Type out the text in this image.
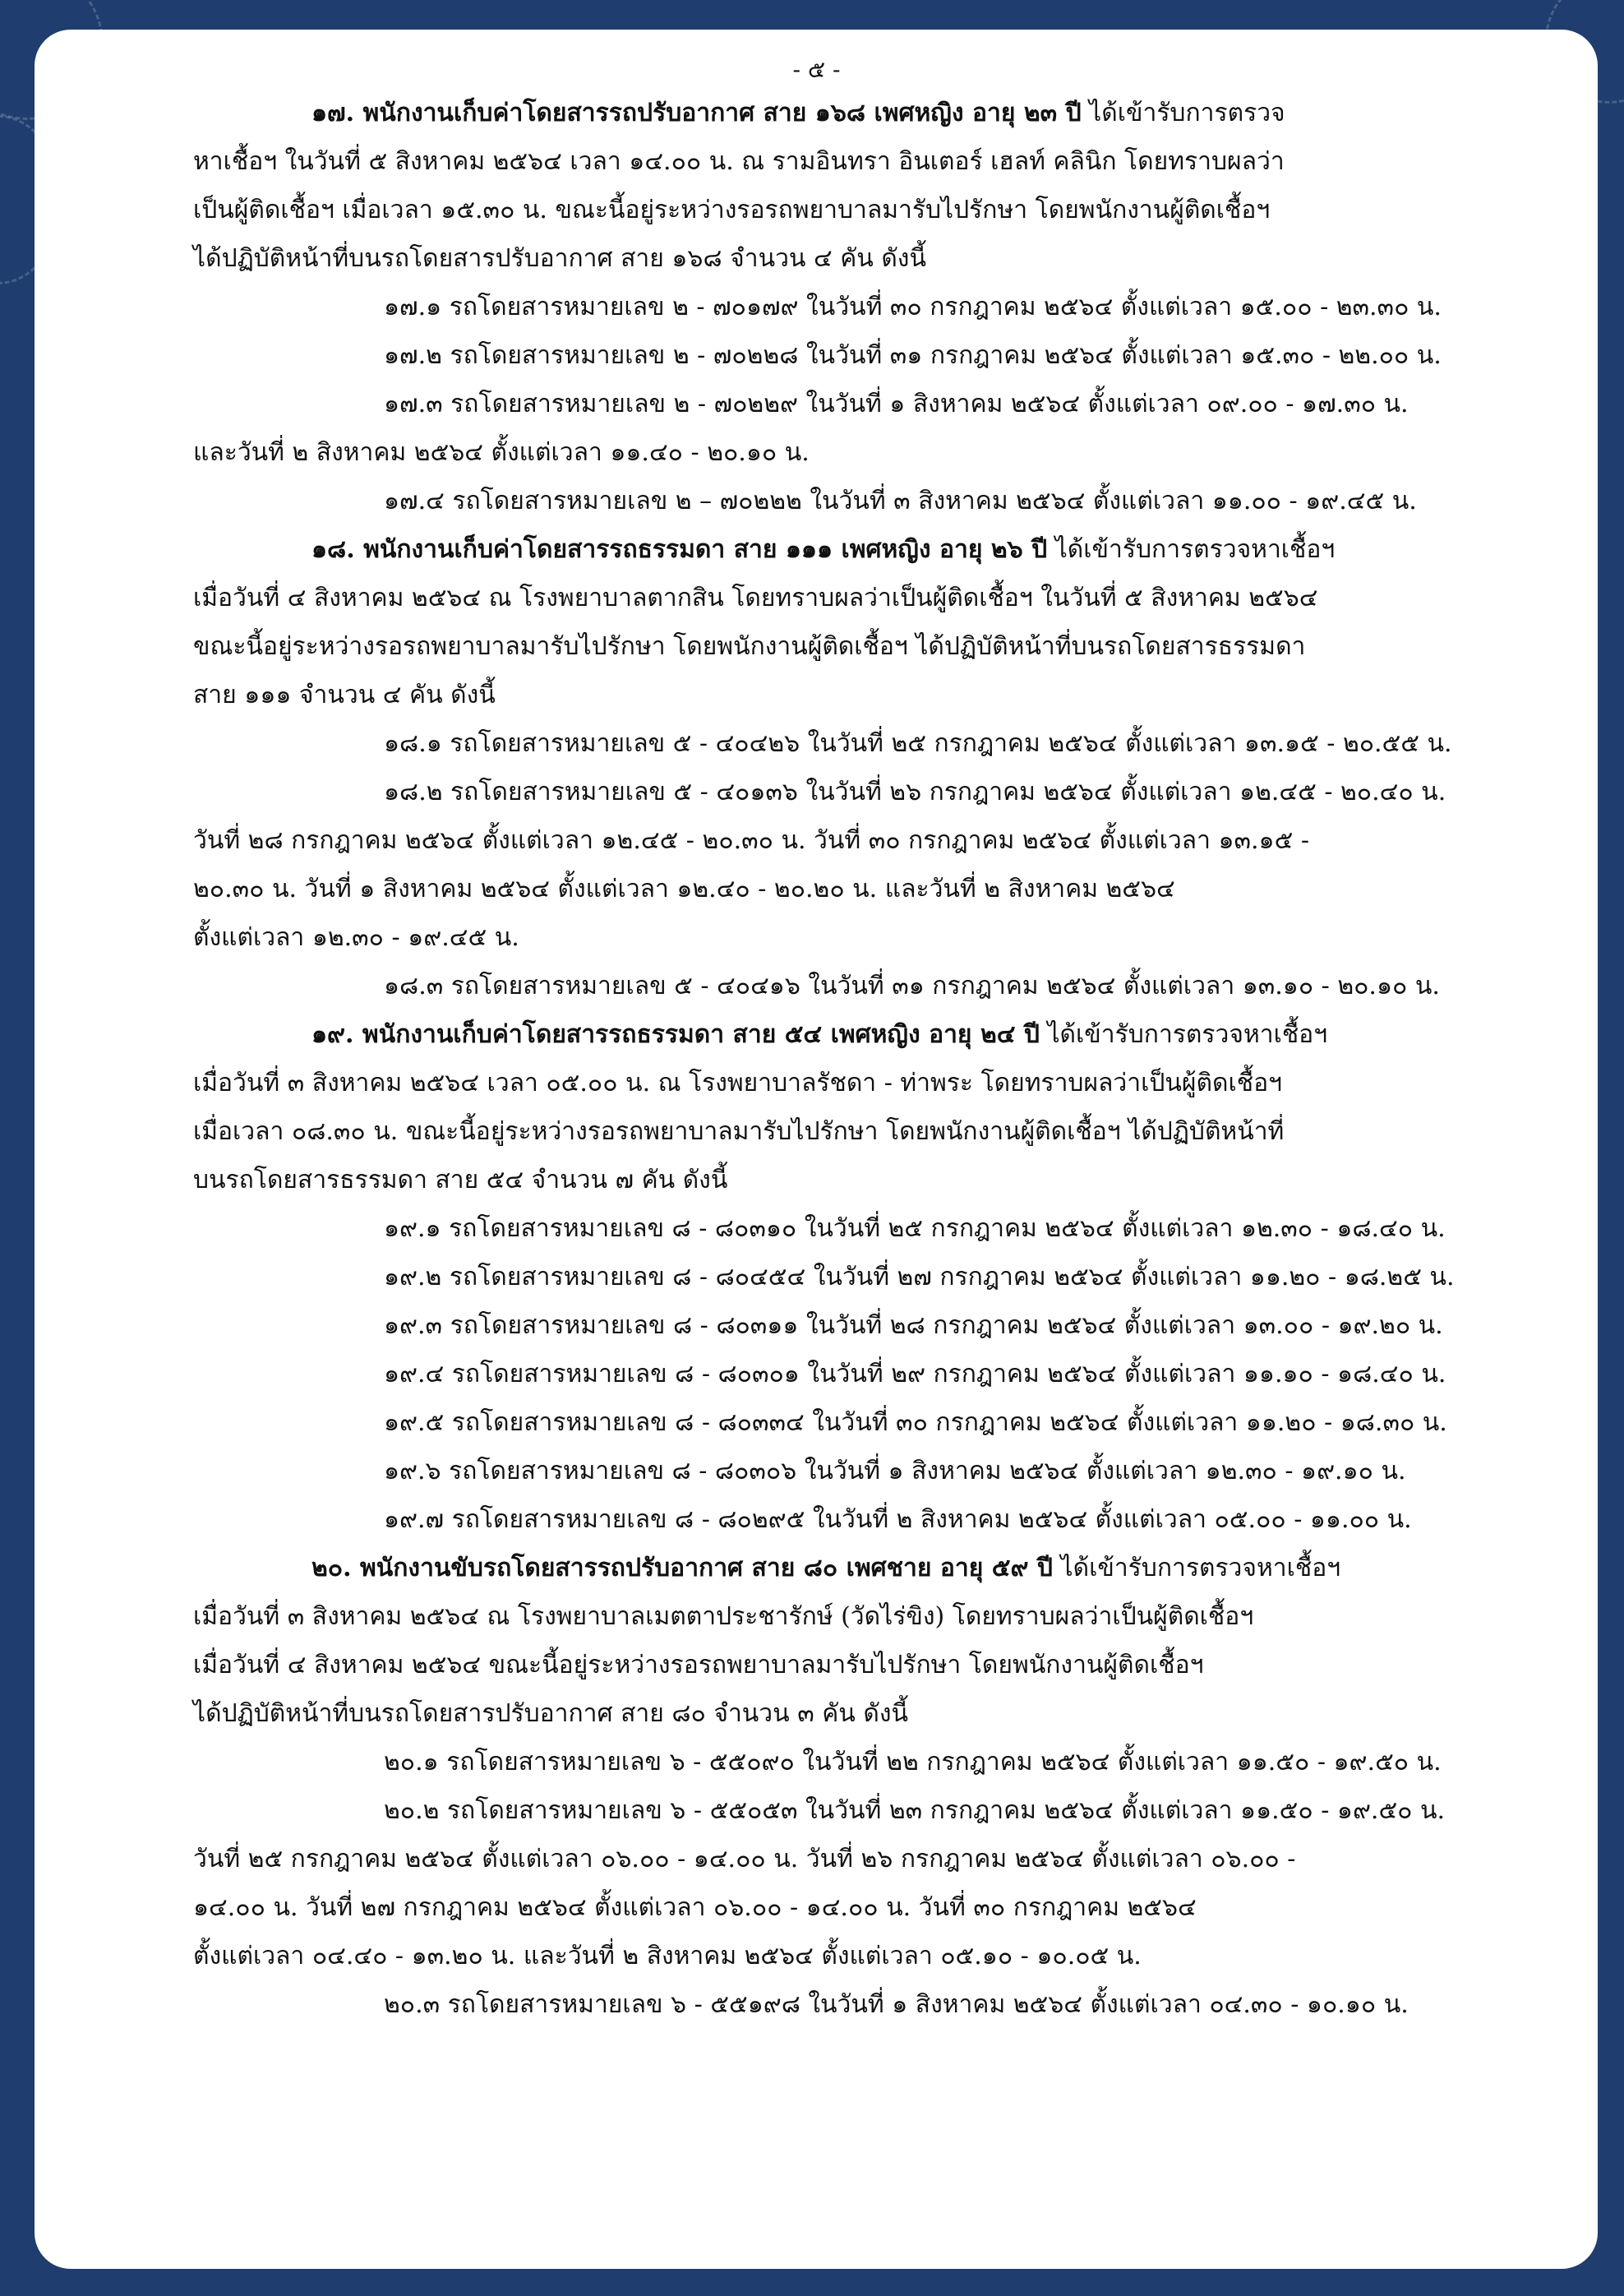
- ๕ -
๑๗. พนักงานเก็บค่าโดยสารรถปรับอากาศ สาย ๑๖๘ เพศหญิง อายุ ๒๓ ปี ได้เข้ารับการตรวจ
หาเชื้อฯ ในวันที่ ๕ สิงหาคม ๒๕๖๔ เวลา ๑๔.๐๐ น. ณ รามอินทรา อินเตอร์ เฮลท์ คลินิก โดยทราบผลว่า
เป็นผู้ติดเชื้อฯ เมื่อเวลา ๑๕.๓๐ น. ขณะนี้อยู่ระหว่างรอรถพยาบาลมารับไปรักษา โดยพนักงานผู้ติดเชื้อฯ
ได้ปฏิบัติหน้าที่บนรถโดยสารปรับอากาศ สาย ๑๖๘ จำนวน ๔ คัน ดังนี้
๑๗.๑ รถโดยสารหมายเลข ๒ - ๗๐๑๗๙ ในวันที่ ๓๐ กรกฎาคม ๒๕๖๔ ตั้งแต่เวลา ๑๕.๐๐ - ๒๓.๓๐ น.
๑๗.๒ รถโดยสารหมายเลข ๒ - ๗๐๒๒๘ ในวันที่ ๓๑ กรกฎาคม ๒๕๖๔ ตั้งแต่เวลา ๑๕.๓๐ - ๒๒.๐๐ น.
๑๗.๓ รถโดยสารหมายเลข ๒ - ๗๐๒๒๙ ในวันที่ ๑ สิงหาคม ๒๕๖๔ ตั้งแต่เวลา ๐๙.๐๐ - ๑๗.๓๐ น.
และวันที่ ๒ สิงหาคม ๒๕๖๔ ตั้งแต่เวลา ๑๑.๔๐ - ๒๐.๑๐ น.
๑๗.๔ รถโดยสารหมายเลข ๒ – ๗๐๒๒๒ ในวันที่ ๓ สิงหาคม ๒๕๖๔ ตั้งแต่เวลา ๑๑.๐๐ - ๑๙.๔๕ น.
๑๘. พนักงานเก็บค่าโดยสารรถธรรมดา สาย ๑๑๑ เพศหญิง อายุ ๒๖ ปี ได้เข้ารับการตรวจหาเชื้อฯ
เมื่อวันที่ ๔ สิงหาคม ๒๕๖๔ ณ โรงพยาบาลตากสิน โดยทราบผลว่าเป็นผู้ติดเชื้อฯ ในวันที่ ๕ สิงหาคม ๒๕๖๔
ขณะนี้อยู่ระหว่างรอรถพยาบาลมารับไปรักษา โดยพนักงานผู้ติดเชื้อฯ ได้ปฏิบัติหน้าที่บนรถโดยสารธรรมดา
สาย ๑๑๑ จำนวน ๔ คัน ดังนี้
๑๘.๑ รถโดยสารหมายเลข ๕ - ๔๐๔๒๖ ในวันที่ ๒๕ กรกฎาคม ๒๕๖๔ ตั้งแต่เวลา ๑๓.๑๕ - ๒๐.๕๕ น.
๑๘.๒ รถโดยสารหมายเลข ๕ - ๔๐๑๓๖ ในวันที่ ๒๖ กรกฎาคม ๒๕๖๔ ตั้งแต่เวลา ๑๒.๔๕ - ๒๐.๔๐ น.
วันที่ ๒๘ กรกฎาคม ๒๕๖๔ ตั้งแต่เวลา ๑๒.๔๕ - ๒๐.๓๐ น. วันที่ ๓๐ กรกฎาคม ๒๕๖๔ ตั้งแต่เวลา ๑๓.๑๕ -
๒๐.๓๐ น. วันที่ ๑ สิงหาคม ๒๕๖๔ ตั้งแต่เวลา ๑๒.๔๐ - ๒๐.๒๐ น. และวันที่ ๒ สิงหาคม ๒๕๖๔
ตั้งแต่เวลา ๑๒.๓๐ - ๑๙.๔๕ น.
๑๘.๓ รถโดยสารหมายเลข ๕ - ๔๐๔๑๖ ในวันที่ ๓๑ กรกฎาคม ๒๕๖๔ ตั้งแต่เวลา ๑๓.๑๐ - ๒๐.๑๐ น.
๑๙. พนักงานเก็บค่าโดยสารรถธรรมดา สาย ๕๔ เพศหญิง อายุ ๒๔ ปี ได้เข้ารับการตรวจหาเชื้อฯ
เมื่อวันที่ ๓ สิงหาคม ๒๕๖๔ เวลา ๐๕.๐๐ น. ณ โรงพยาบาลรัชดา - ท่าพระ โดยทราบผลว่าเป็นผู้ติดเชื้อฯ
เมื่อเวลา ๐๘.๓๐ น. ขณะนี้อยู่ระหว่างรอรถพยาบาลมารับไปรักษา โดยพนักงานผู้ติดเชื้อฯ ได้ปฏิบัติหน้าที่
บนรถโดยสารธรรมดา สาย ๕๔ จำนวน ๗ คัน ดังนี้
๑๙.๑ รถโดยสารหมายเลข ๘ - ๘๐๓๑๐ ในวันที่ ๒๕ กรกฎาคม ๒๕๖๔ ตั้งแต่เวลา ๑๒.๓๐ - ๑๘.๔๐ น.
๑๙.๒ รถโดยสารหมายเลข ๘ - ๘๐๔๕๔ ในวันที่ ๒๗ กรกฎาคม ๒๕๖๔ ตั้งแต่เวลา ๑๑.๒๐ - ๑๘.๒๕ น.
๑๙.๓ รถโดยสารหมายเลข ๘ - ๘๐๓๑๑ ในวันที่ ๒๘ กรกฎาคม ๒๕๖๔ ตั้งแต่เวลา ๑๓.๐๐ - ๑๙.๒๐ น.
๑๙.๔ รถโดยสารหมายเลข ๘ - ๘๐๓๐๑ ในวันที่ ๒๙ กรกฎาคม ๒๕๖๔ ตั้งแต่เวลา ๑๑.๑๐ - ๑๘.๔๐ น.
๑๙.๕ รถโดยสารหมายเลข ๘ - ๘๐๓๓๔ ในวันที่ ๓๐ กรกฎาคม ๒๕๖๔ ตั้งแต่เวลา ๑๑.๒๐ - ๑๘.๓๐ น.
๑๙.๖ รถโดยสารหมายเลข ๘ - ๘๐๓๐๖ ในวันที่ ๑ สิงหาคม ๒๕๖๔ ตั้งแต่เวลา ๑๒.๓๐ - ๑๙.๑๐ น.
๑๙.๗ รถโดยสารหมายเลข ๘ - ๘๐๒๙๕ ในวันที่ ๒ สิงหาคม ๒๕๖๔ ตั้งแต่เวลา ๐๕.๐๐ - ๑๑.๐๐ น.
๒๐. พนักงานขับรถโดยสารรถปรับอากาศ สาย ๘๐ เพศชาย อายุ ๕๙ ปี ได้เข้ารับการตรวจหาเชื้อฯ
เมื่อวันที่ ๓ สิงหาคม ๒๕๖๔ ณ โรงพยาบาลเมตตาประชารักษ์ (วัดไร่ขิง) โดยทราบผลว่าเป็นผู้ติดเชื้อฯ
เมื่อวันที่ ๔ สิงหาคม ๒๕๖๔ ขณะนี้อยู่ระหว่างรอรถพยาบาลมารับไปรักษา โดยพนักงานผู้ติดเชื้อฯ
ได้ปฏิบัติหน้าที่บนรถโดยสารปรับอากาศ สาย ๘๐ จำนวน ๓ คัน ดังนี้
๒๐.๑ รถโดยสารหมายเลข ๖ - ๕๕๐๙๐ ในวันที่ ๒๒ กรกฎาคม ๒๕๖๔ ตั้งแต่เวลา ๑๑.๕๐ - ๑๙.๕๐ น.
๒๐.๒ รถโดยสารหมายเลข ๖ - ๕๕๐๕๓ ในวันที่ ๒๓ กรกฎาคม ๒๕๖๔ ตั้งแต่เวลา ๑๑.๕๐ - ๑๙.๕๐ น.
วันที่ ๒๕ กรกฎาคม ๒๕๖๔ ตั้งแต่เวลา ๐๖.๐๐ - ๑๔.๐๐ น. วันที่ ๒๖ กรกฎาคม ๒๕๖๔ ตั้งแต่เวลา ๐๖.๐๐ -
๑๔.๐๐ น. วันที่ ๒๗ กรกฎาคม ๒๕๖๔ ตั้งแต่เวลา ๐๖.๐๐ - ๑๔.๐๐ น. วันที่ ๓๐ กรกฎาคม ๒๕๖๔
ตั้งแต่เวลา ๐๔.๔๐ - ๑๓.๒๐ น. และวันที่ ๒ สิงหาคม ๒๕๖๔ ตั้งแต่เวลา ๐๕.๑๐ - ๑๐.๐๕ น.
๒๐.๓ รถโดยสารหมายเลข ๖ - ๕๕๑๙๘ ในวันที่ ๑ สิงหาคม ๒๕๖๔ ตั้งแต่เวลา ๐๔.๓๐ - ๑๐.๑๐ น.
